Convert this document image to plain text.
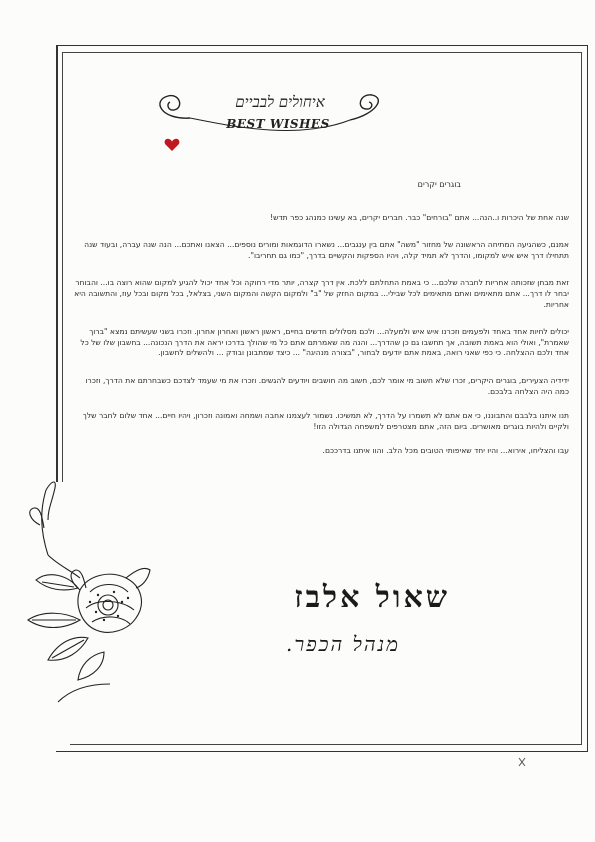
איחולים לבביים
BEST WISHES
בוגרים יקרים

שנה אחת של היכרות ו..הנה... אתם "בורחים" כבר. חברים יקרים, בא עשינו כמנהג כפר תדש!

אמנם, כשהגיעה המתיחה הראשונה של מחזור "משה" אתם בין ענגבים... נשארו הדוגמאות ומורים נוספים... הצאנו ואתכם... הנה שנה עברה, ובעוד שנה תתחילו דרך איש איש למקומו, והדרך לא תמיד קלה, ויהיו הספקות והקשיים בדרך, "כמו גם תחריבו".

זאת מבחן שזכותה אחריות לחברה שלכם... כי באמת התחלתם ללכת. אין דרך קצרה, יותר מדי רחוקה וכל אחד יכול להגיע למקום שהוא רוצה בו... והבוחר יבחר לו דרך... אתם מתאימים ואתם מתאימים לכל שבילי... במקום החזק של "ב" ולמקום הקשה והמקום השני, בצלאל, בכל מקום ובכל עוז, והתשובה היא אחריות.

יכולים לחיות אחד באחד ולפעמים וזכרנו איש איש ולמעלה... ולכם מסלולים חדשים בחיים, ראשון ראשון ואחרון אחרון. וזכרו בשני שעשיתם נמצא "ברוך שאמרת", ואולי הוא באמת תשובה, אך תחשבו גם כן שהדרך... והנה מה שאמרתם אתם כל מי שהולך בדרכו יראה את הדרך הנכונה... בחשבון שלו של כל אחד ולכם ההצלחה. כי כפי שאני רואה, באמת אתם יודעים לבחור, "בצורה מנהיגה" ... כיצד שמתבונן ובודק ... ולהשלים לחשבון.

ידידיה הצעירים, בוגרים היקרים, זכרו שלא חשוב מי אומר לכם, חשוב מה חושבים ויודעים להגשים. וזכרו את מי שעמד לצדכם כשבחרתם את הדרך, וזכרו כמה היה הצלחה בלבכם.

תנו איתנו בלבבם והתבוננו, כי אם אתם לא תשמרו על הדרך, לא תמשיכו. נשמור לעצמנו אחבה ושמחה ואמונה וזכרון, ויהיו חיים... אחד שלום לחבר שלך ולקיים ולהיות בוגרים מאושרים. ביום הזה, אתם מצטרפים למשפחה הגדולה הזו!

עבו והצליחו, אירוא... והיו יחד שאיפותי הטובים מכל הלב. והוו איתנו בדרככם.

שאול אלבז
מנהל הכפר.
